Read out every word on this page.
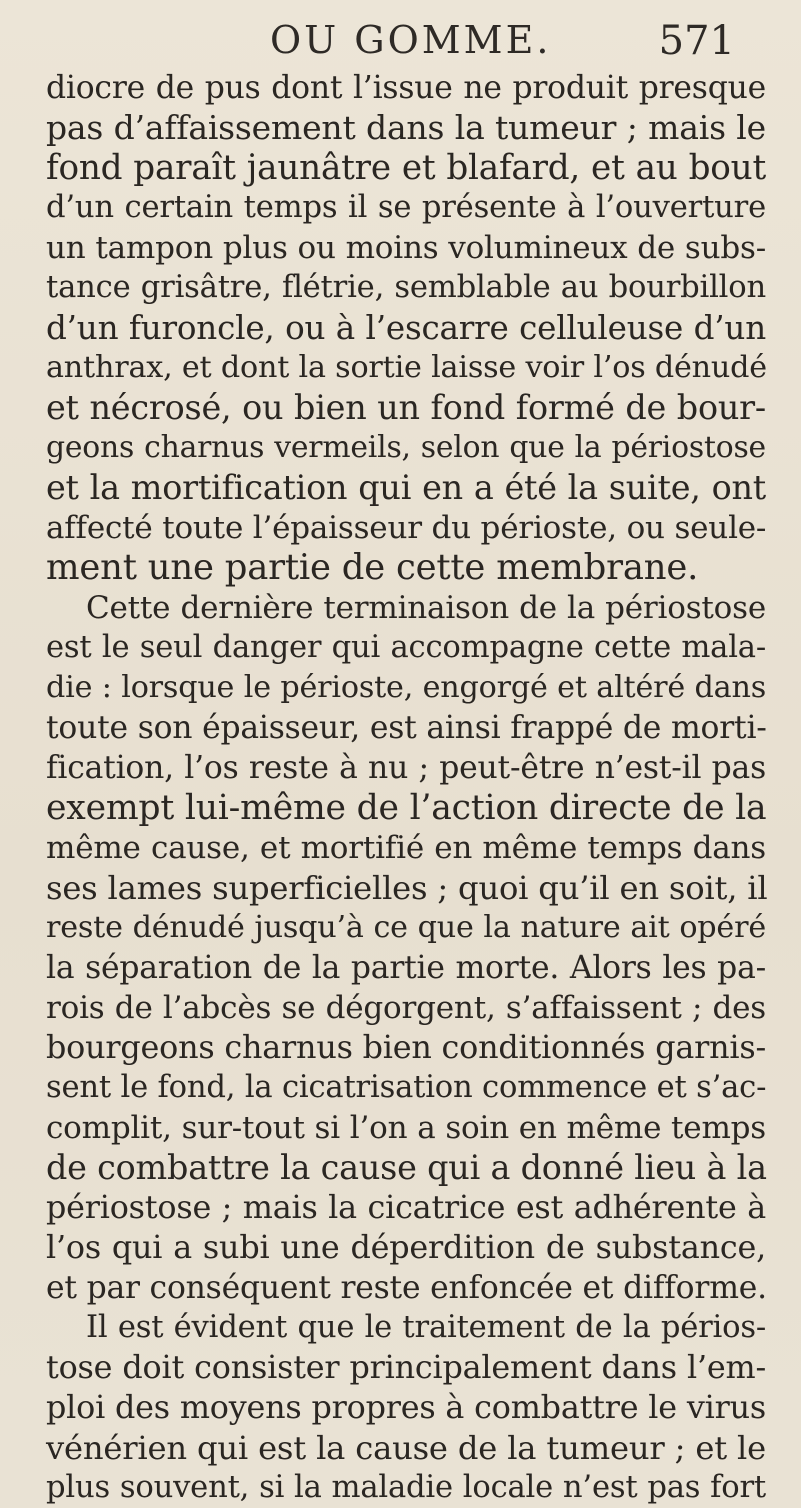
OU GOMME.	571
diocre de pus dont l’issue ne produit presque
pas d’affaissement dans la tumeur ; mais le
fond paraît jaunâtre et blafard, et au bout
d’un certain temps il se présente à l’ouverture
un tampon plus ou moins volumineux de subs-
tance grisâtre, flétrie, semblable au bourbillon
d’un furoncle, ou à l’escarre celluleuse d’un
anthrax, et dont la sortie laisse voir l’os dénudé
et nécrosé, ou bien un fond formé de bour-
geons charnus vermeils, selon que la périostose
et la mortification qui en a été la suite, ont
affecté toute l’épaisseur du périoste, ou seule-
ment une partie de cette membrane.
Cette dernière terminaison de la périostose
est le seul danger qui accompagne cette mala-
die : lorsque le périoste, engorgé et altéré dans
toute son épaisseur, est ainsi frappé de morti-
fication, l’os reste à nu ; peut-être n’est-il pas
exempt lui-même de l’action directe de la
même cause, et mortifié en même temps dans
ses lames superficielles ; quoi qu’il en soit, il
reste dénudé jusqu’à ce que la nature ait opéré
la séparation de la partie morte. Alors les pa-
rois de l’abcès se dégorgent, s’affaissent ; des
bourgeons charnus bien conditionnés garnis-
sent le fond, la cicatrisation commence et s’ac-
complit, sur-tout si l’on a soin en même temps
de combattre la cause qui a donné lieu à la
périostose ; mais la cicatrice est adhérente à
l’os qui a subi une déperdition de substance,
et par conséquent reste enfoncée et difforme.
Il est évident que le traitement de la périos-
tose doit consister principalement dans l’em-
ploi des moyens propres à combattre le virus
vénérien qui est la cause de la tumeur ; et le
plus souvent, si la maladie locale n’est pas fort
